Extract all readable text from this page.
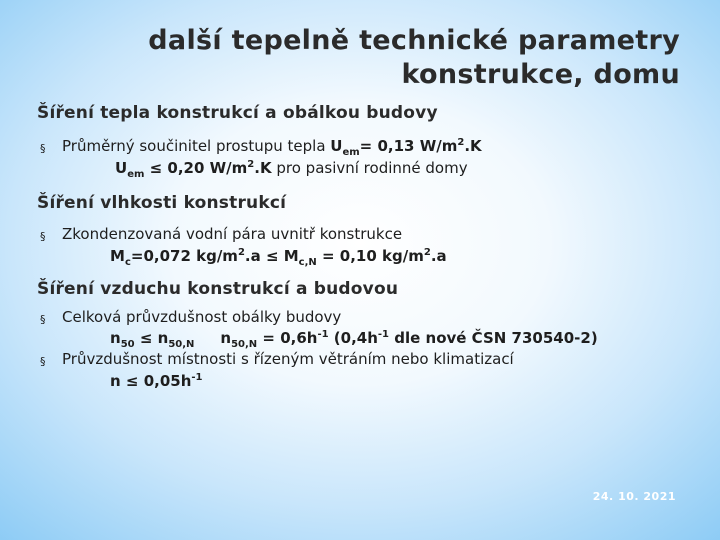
další tepelně technické parametry
konstrukce, domu
Šíření tepla konstrukcí a obálkou budovy
§ Průměrný součinitel prostupu tepla $U_{em}= 0,13$ $W/m^2.K$

$U_{em} \le 0,20$ $W/m^2.K$ pro pasivní rodinné domy

Šíření vlhkosti konstrukcí
§ Zkondenzovaná vodní pára uvnitř konstrukce

$M_c=0,072$ $kg/m^2.a \le M_{c,N} = 0,10$ $kg/m^2.a$

Šíření vzduchu konstrukcí a budovou
§ Celková průvzdušnost obálky budovy

$n_{50} \le n_{50,N}$ $n_{50,N} = 0,6h^{-1}$ ($0,4h^{-1}$ dle nové ČSN 730540-2)

§ Průvzdušnost místnosti s řízeným větráním nebo klimatizací

$n \le 0,05h^{-1}$

24. 10. 2021
